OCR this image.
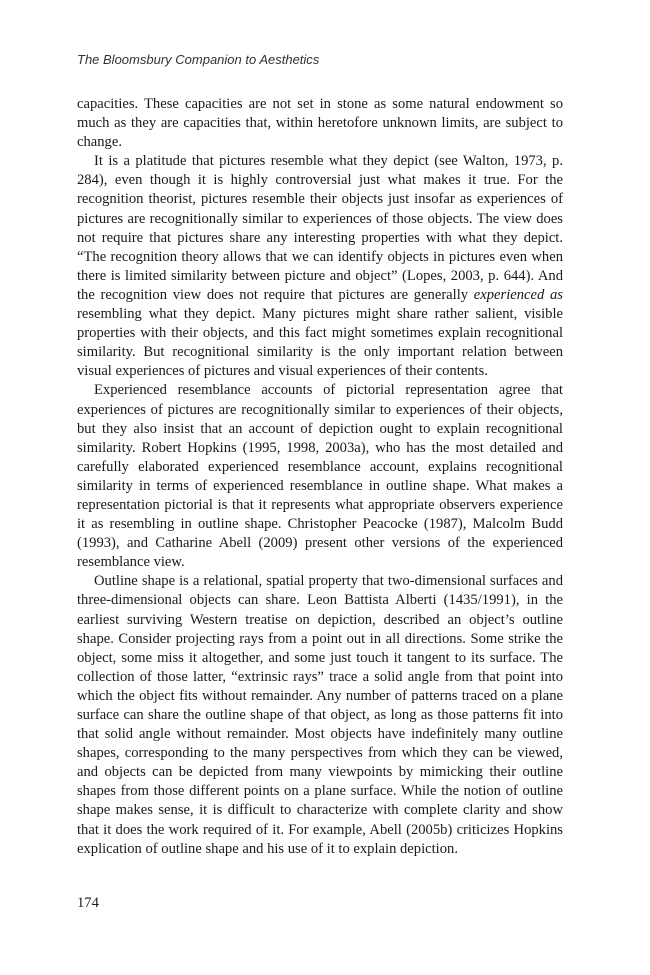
The Bloomsbury Companion to Aesthetics

capacities. These capacities are not set in stone as some natural endowment so much as they are capacities that, within heretofore unknown limits, are subject to change.

It is a platitude that pictures resemble what they depict (see Walton, 1973, p. 284), even though it is highly controversial just what makes it true. For the recognition theorist, pictures resemble their objects just insofar as experiences of pictures are recognitionally similar to experiences of those objects. The view does not require that pictures share any interesting properties with what they depict. “The recognition theory allows that we can identify objects in pictures even when there is limited similarity between picture and object” (Lopes, 2003, p. 644). And the recognition view does not require that pictures are generally experienced as resembling what they depict. Many pictures might share rather salient, visible properties with their objects, and this fact might sometimes explain recognitional similarity. But recognitional similarity is the only important relation between visual experiences of pictures and visual experiences of their contents.

Experienced resemblance accounts of pictorial representation agree that experiences of pictures are recognitionally similar to experiences of their objects, but they also insist that an account of depiction ought to explain recognitional similarity. Robert Hopkins (1995, 1998, 2003a), who has the most detailed and carefully elaborated experienced resemblance account, explains recognitional similarity in terms of experienced resemblance in outline shape. What makes a representation pictorial is that it represents what appropriate observers experience it as resembling in outline shape. Christopher Peacocke (1987), Malcolm Budd (1993), and Catharine Abell (2009) present other versions of the experienced resemblance view.

Outline shape is a relational, spatial property that two-dimensional surfaces and three-dimensional objects can share. Leon Battista Alberti (1435/1991), in the earliest surviving Western treatise on depiction, described an object’s outline shape. Consider projecting rays from a point out in all directions. Some strike the object, some miss it altogether, and some just touch it tangent to its surface. The collection of those latter, “extrinsic rays” trace a solid angle from that point into which the object fits without remainder. Any number of patterns traced on a plane surface can share the outline shape of that object, as long as those patterns fit into that solid angle without remainder. Most objects have indefinitely many outline shapes, corresponding to the many perspectives from which they can be viewed, and objects can be depicted from many viewpoints by mimicking their outline shapes from those different points on a plane surface. While the notion of outline shape makes sense, it is difficult to characterize with complete clarity and show that it does the work required of it. For example, Abell (2005b) criticizes Hopkins explication of outline shape and his use of it to explain depiction.

174
